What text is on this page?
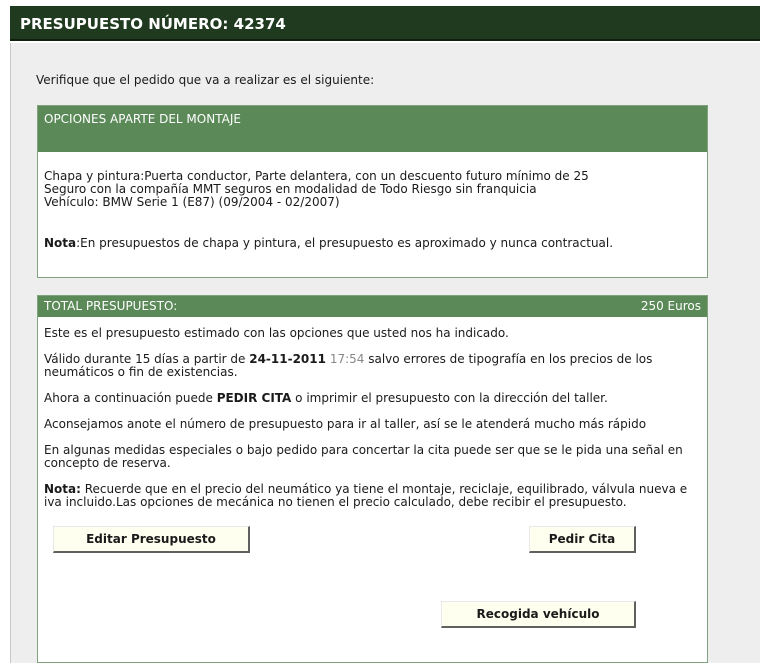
PRESUPUESTO NÚMERO: 42374
Verifique que el pedido que va a realizar es el siguiente:
OPCIONES APARTE DEL MONTAJE
Chapa y pintura:Puerta conductor, Parte delantera, con un descuento futuro mínimo de 25
Seguro con la compañía MMT seguros en modalidad de Todo Riesgo sin franquicia
Vehículo: BMW Serie 1 (E87) (09/2004 - 02/2007)
Nota:En presupuestos de chapa y pintura, el presupuesto es aproximado y nunca contractual.
TOTAL PRESUPUESTO:	250 Euros
Este es el presupuesto estimado con las opciones que usted nos ha indicado.
Válido durante 15 días a partir de 24-11-2011 17:54 salvo errores de tipografía en los precios de los neumáticos o fin de existencias.
Ahora a continuación puede PEDIR CITA o imprimir el presupuesto con la dirección del taller.
Aconsejamos anote el número de presupuesto para ir al taller, así se le atenderá mucho más rápido
En algunas medidas especiales o bajo pedido para concertar la cita puede ser que se le pida una señal en concepto de reserva.
Nota: Recuerde que en el precio del neumático ya tiene el montaje, reciclaje, equilibrado, válvula nueva e iva incluido.Las opciones de mecánica no tienen el precio calculado, debe recibir el presupuesto.
Editar Presupuesto	Pedir Cita
Recogida vehículo
